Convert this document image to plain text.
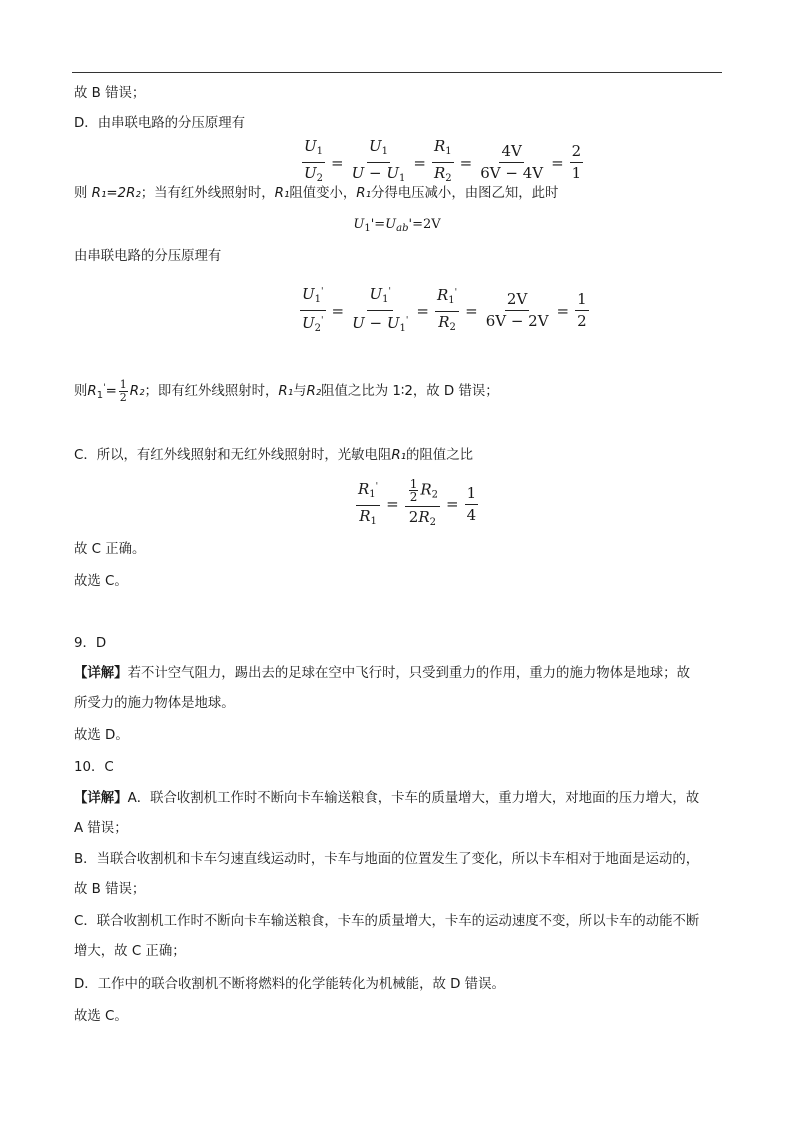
故 B 错误；
D．由串联电路的分压原理有
$\frac{U_1}{U_2} = \frac{U_1}{U - U_1} = \frac{R_1}{R_2} = \frac{4V}{6V - 4V} = \frac{2}{1}$
则 R₁=2R₂；当有红外线照射时，R₁阻值变小，R₁分得电压减小，由图乙知，此时
$U_1'=U_{ab}'=2V$
由串联电路的分压原理有
$\frac{U_1'}{U_2'} = \frac{U_1'}{U - U_1'} = \frac{R_1'}{R_2} = \frac{2V}{6V - 2V} = \frac{1}{2}$
则$R_1'= \frac{1}{2} R_2$；即有红外线照射时，R₁与R₂阻值之比为 1∶2，故 D 错误；
C．所以，有红外线照射和无红外线照射时，光敏电阻R₁的阻值之比
$\frac{R_1'}{R_1} = \frac{\frac{1}{2} R_2}{2R_2} = \frac{1}{4}$
故 C 正确。
故选 C。
9．D
【详解】若不计空气阻力，踢出去的足球在空中飞行时，只受到重力的作用，重力的施力物体是地球；故
所受力的施力物体是地球。
故选 D。
10．C
【详解】A．联合收割机工作时不断向卡车输送粮食，卡车的质量增大，重力增大，对地面的压力增大，故
A 错误；
B．当联合收割机和卡车匀速直线运动时，卡车与地面的位置发生了变化，所以卡车相对于地面是运动的，
故 B 错误；
C．联合收割机工作时不断向卡车输送粮食，卡车的质量增大，卡车的运动速度不变，所以卡车的动能不断
增大，故 C 正确；
D．工作中的联合收割机不断将燃料的化学能转化为机械能，故 D 错误。
故选 C。
